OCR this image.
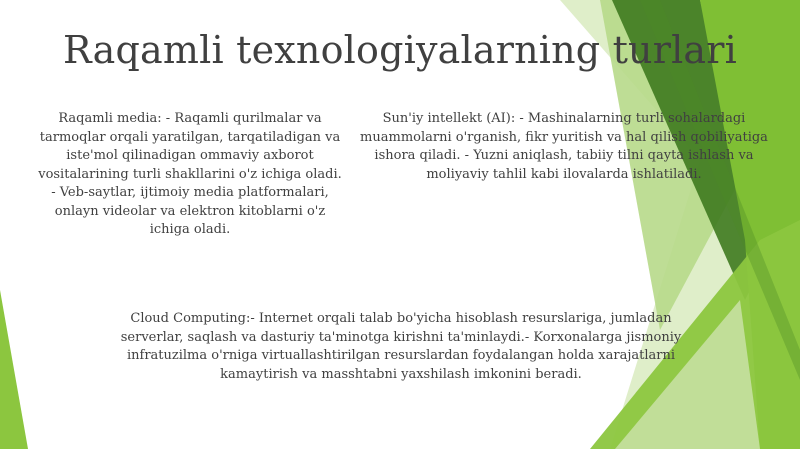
Raqamli texnologiyalarning turlari
Raqamli media: - Raqamli qurilmalar va tarmoqlar orqali yaratilgan, tarqatiladigan va iste'mol qilinadigan ommaviy axborot vositalarining turli shakllarini o'z ichiga oladi. - Veb-saytlar, ijtimoiy media platformalari, onlayn videolar va elektron kitoblarni o'z ichiga oladi.
Sun'iy intellekt (AI): - Mashinalarning turli sohalardagi muammolarni o'rganish, fikr yuritish va hal qilish qobiliyatiga ishora qiladi. - Yuzni aniqlash, tabiiy tilni qayta ishlash va moliyaviy tahlil kabi ilovalarda ishlatiladi.
Cloud Computing:- Internet orqali talab bo'yicha hisoblash resurslariga, jumladan serverlar, saqlash va dasturiy ta'minotga kirishni ta'minlaydi.- Korxonalarga jismoniy infratuzilma o'rniga virtuallashtirilgan resurslardan foydalangan holda xarajatlarni kamaytirish va masshtabni yaxshilash imkonini beradi.
